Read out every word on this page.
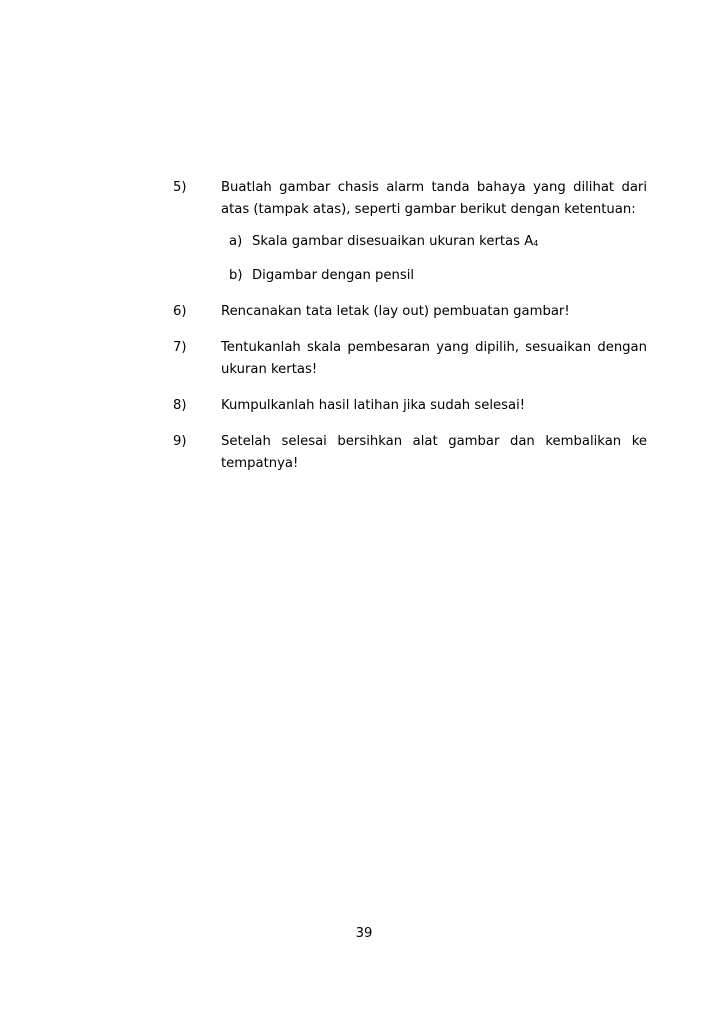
5)	Buatlah gambar chasis alarm tanda bahaya yang dilihat dari atas (tampak atas), seperti gambar berikut dengan ketentuan:
a) Skala gambar disesuaikan ukuran kertas $A_4$
b) Digambar dengan pensil
6)	Rencanakan tata letak (lay out) pembuatan gambar!
7)	Tentukanlah skala pembesaran yang dipilih, sesuaikan dengan ukuran kertas!
8)	Kumpulkanlah hasil latihan jika sudah selesai!
9)	Setelah selesai bersihkan alat gambar dan kembalikan ke tempatnya!
39
